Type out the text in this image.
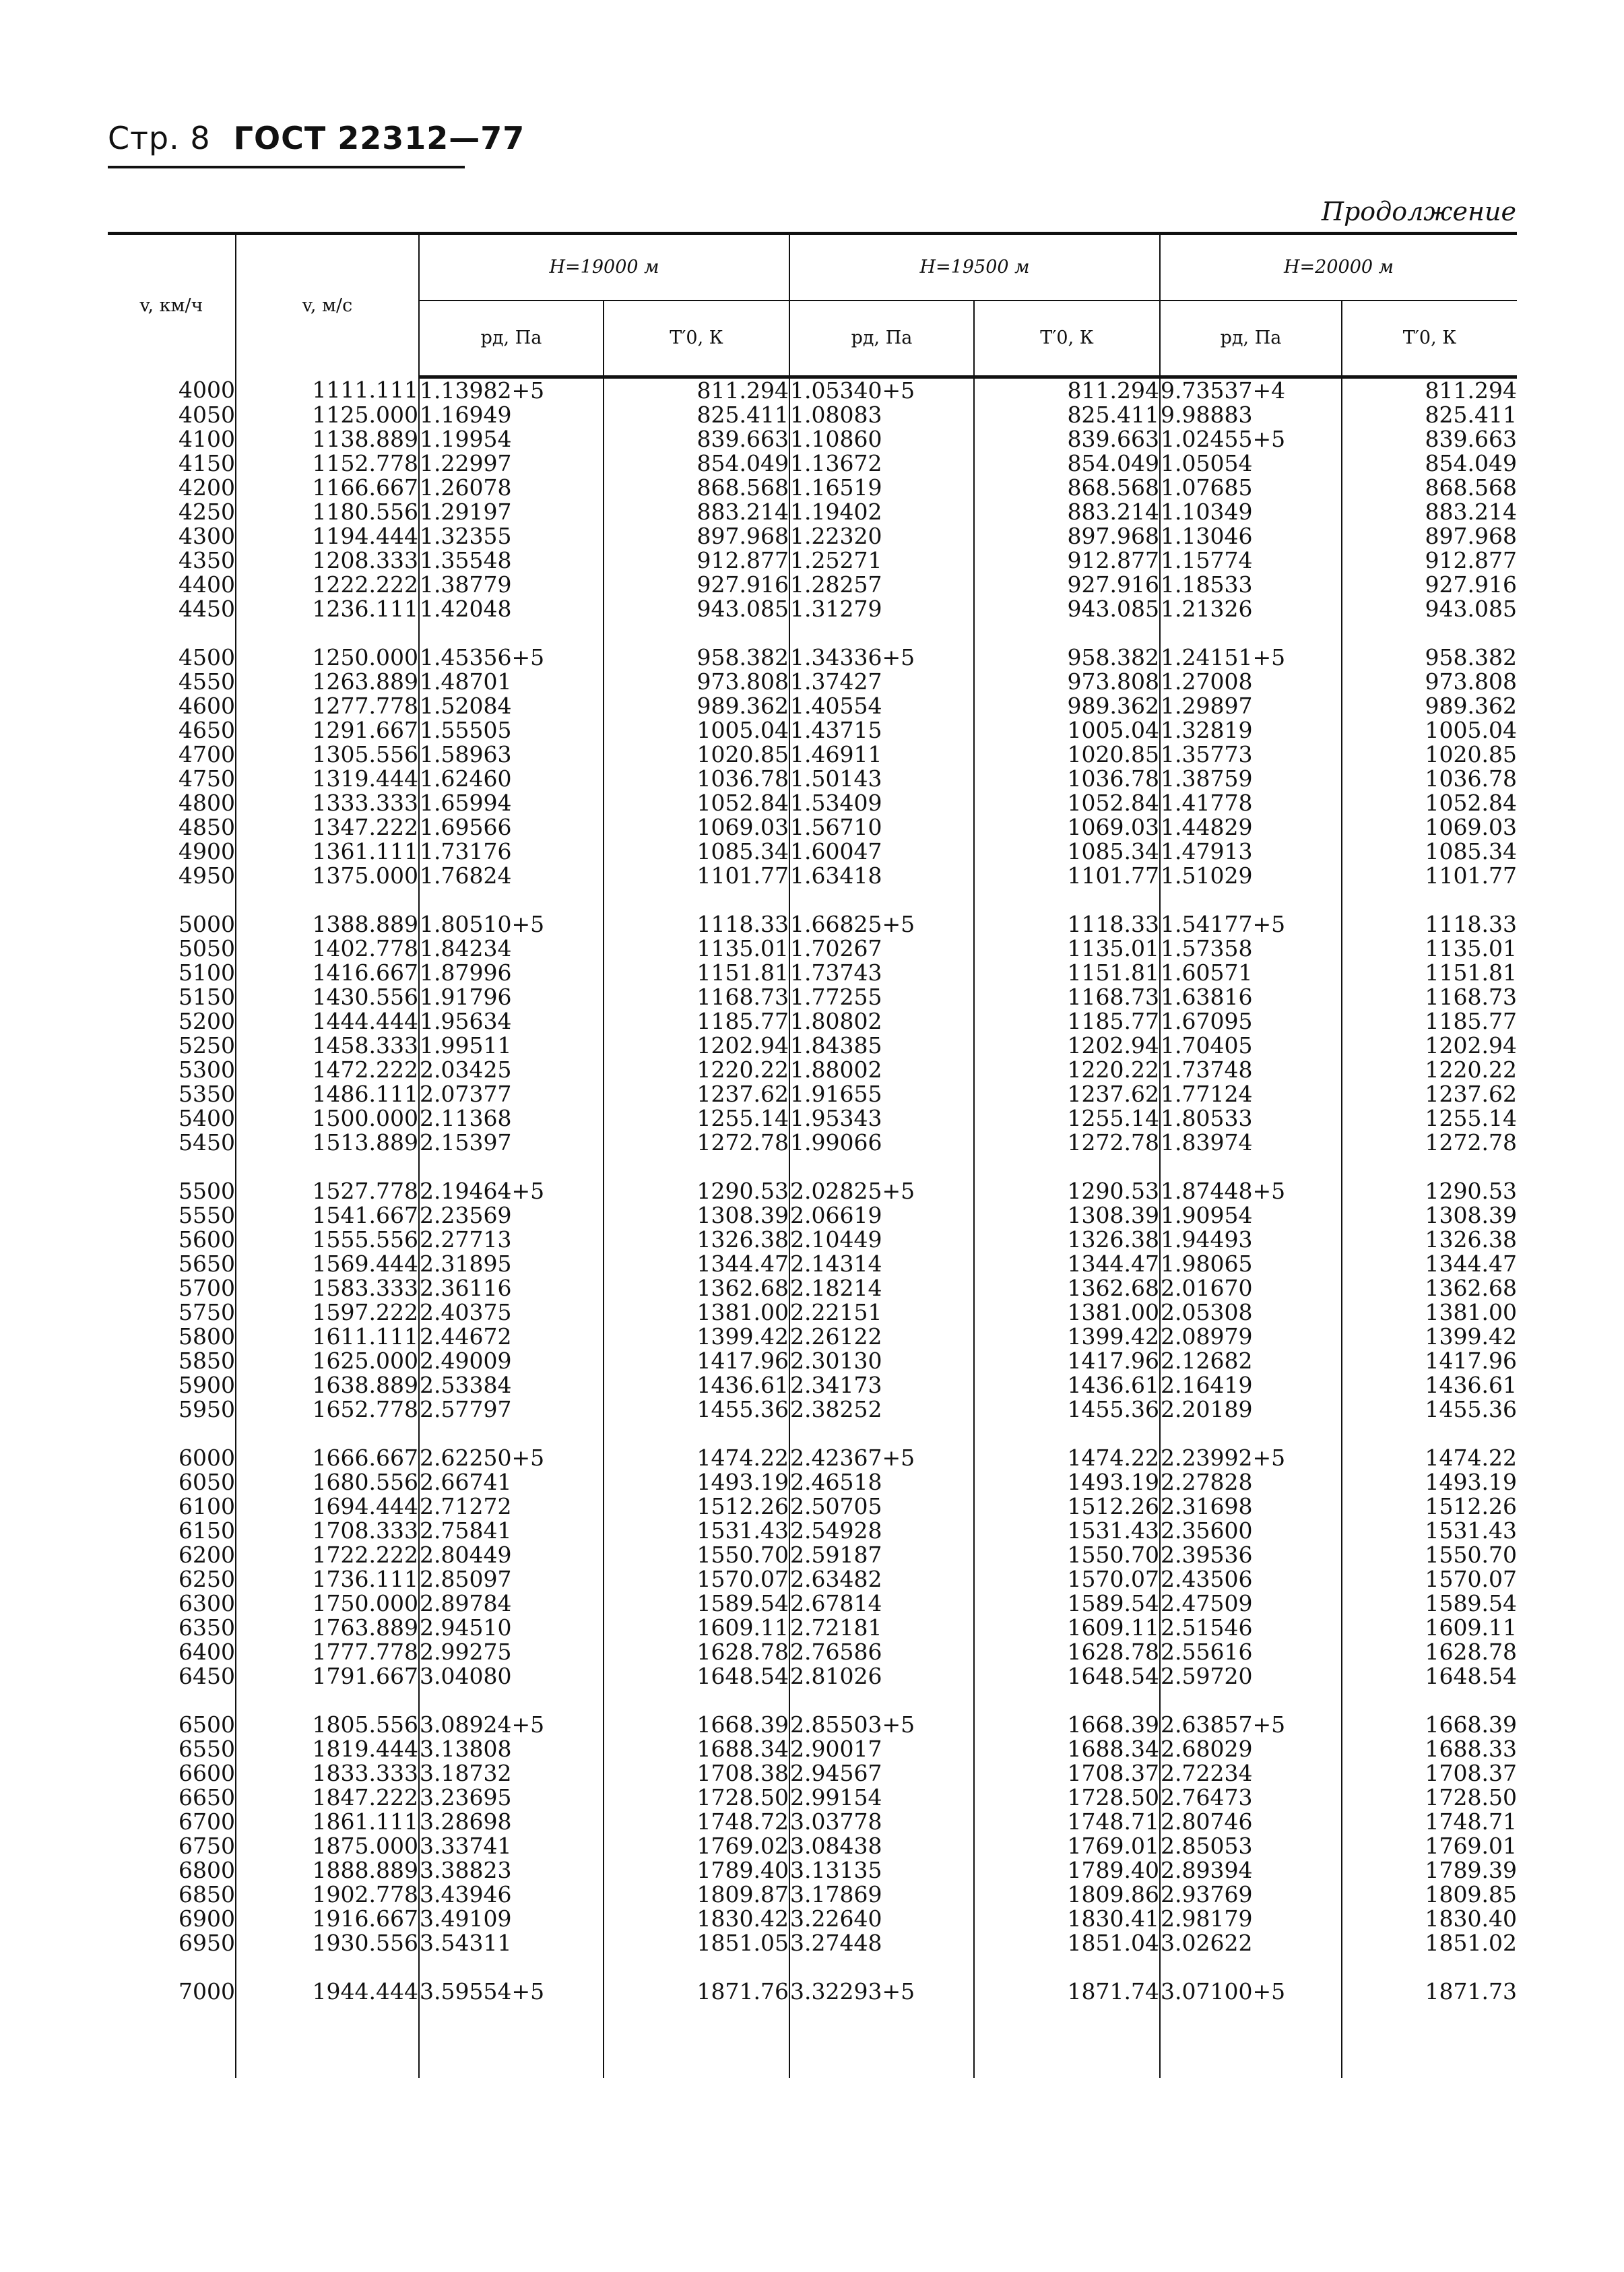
Стр. 8 ГОСТ 22312—77
Продолжение
v, км/ч	v, м/с	H=19000 м		H=19500 м		H=20000 м	
		pд, Па	T′0, К	pд, Па	T′0, К	pд, Па	T′0, К
4000	1111.111	1.13982+5	811.294	1.05340+5	811.294	9.73537+4	811.294
4050	1125.000	1.16949	825.411	1.08083	825.411	9.98883	825.411
4100	1138.889	1.19954	839.663	1.10860	839.663	1.02455+5	839.663
4150	1152.778	1.22997	854.049	1.13672	854.049	1.05054	854.049
4200	1166.667	1.26078	868.568	1.16519	868.568	1.07685	868.568
4250	1180.556	1.29197	883.214	1.19402	883.214	1.10349	883.214
4300	1194.444	1.32355	897.968	1.22320	897.968	1.13046	897.968
4350	1208.333	1.35548	912.877	1.25271	912.877	1.15774	912.877
4400	1222.222	1.38779	927.916	1.28257	927.916	1.18533	927.916
4450	1236.111	1.42048	943.085	1.31279	943.085	1.21326	943.085

4500	1250.000	1.45356+5	958.382	1.34336+5	958.382	1.24151+5	958.382
4550	1263.889	1.48701	973.808	1.37427	973.808	1.27008	973.808
4600	1277.778	1.52084	989.362	1.40554	989.362	1.29897	989.362
4650	1291.667	1.55505	1005.04	1.43715	1005.04	1.32819	1005.04
4700	1305.556	1.58963	1020.85	1.46911	1020.85	1.35773	1020.85
4750	1319.444	1.62460	1036.78	1.50143	1036.78	1.38759	1036.78
4800	1333.333	1.65994	1052.84	1.53409	1052.84	1.41778	1052.84
4850	1347.222	1.69566	1069.03	1.56710	1069.03	1.44829	1069.03
4900	1361.111	1.73176	1085.34	1.60047	1085.34	1.47913	1085.34
4950	1375.000	1.76824	1101.77	1.63418	1101.77	1.51029	1101.77

5000	1388.889	1.80510+5	1118.33	1.66825+5	1118.33	1.54177+5	1118.33
5050	1402.778	1.84234	1135.01	1.70267	1135.01	1.57358	1135.01
5100	1416.667	1.87996	1151.81	1.73743	1151.81	1.60571	1151.81
5150	1430.556	1.91796	1168.73	1.77255	1168.73	1.63816	1168.73
5200	1444.444	1.95634	1185.77	1.80802	1185.77	1.67095	1185.77
5250	1458.333	1.99511	1202.94	1.84385	1202.94	1.70405	1202.94
5300	1472.222	2.03425	1220.22	1.88002	1220.22	1.73748	1220.22
5350	1486.111	2.07377	1237.62	1.91655	1237.62	1.77124	1237.62
5400	1500.000	2.11368	1255.14	1.95343	1255.14	1.80533	1255.14
5450	1513.889	2.15397	1272.78	1.99066	1272.78	1.83974	1272.78

5500	1527.778	2.19464+5	1290.53	2.02825+5	1290.53	1.87448+5	1290.53
5550	1541.667	2.23569	1308.39	2.06619	1308.39	1.90954	1308.39
5600	1555.556	2.27713	1326.38	2.10449	1326.38	1.94493	1326.38
5650	1569.444	2.31895	1344.47	2.14314	1344.47	1.98065	1344.47
5700	1583.333	2.36116	1362.68	2.18214	1362.68	2.01670	1362.68
5750	1597.222	2.40375	1381.00	2.22151	1381.00	2.05308	1381.00
5800	1611.111	2.44672	1399.42	2.26122	1399.42	2.08979	1399.42
5850	1625.000	2.49009	1417.96	2.30130	1417.96	2.12682	1417.96
5900	1638.889	2.53384	1436.61	2.34173	1436.61	2.16419	1436.61
5950	1652.778	2.57797	1455.36	2.38252	1455.36	2.20189	1455.36

6000	1666.667	2.62250+5	1474.22	2.42367+5	1474.22	2.23992+5	1474.22
6050	1680.556	2.66741	1493.19	2.46518	1493.19	2.27828	1493.19
6100	1694.444	2.71272	1512.26	2.50705	1512.26	2.31698	1512.26
6150	1708.333	2.75841	1531.43	2.54928	1531.43	2.35600	1531.43
6200	1722.222	2.80449	1550.70	2.59187	1550.70	2.39536	1550.70
6250	1736.111	2.85097	1570.07	2.63482	1570.07	2.43506	1570.07
6300	1750.000	2.89784	1589.54	2.67814	1589.54	2.47509	1589.54
6350	1763.889	2.94510	1609.11	2.72181	1609.11	2.51546	1609.11
6400	1777.778	2.99275	1628.78	2.76586	1628.78	2.55616	1628.78
6450	1791.667	3.04080	1648.54	2.81026	1648.54	2.59720	1648.54

6500	1805.556	3.08924+5	1668.39	2.85503+5	1668.39	2.63857+5	1668.39
6550	1819.444	3.13808	1688.34	2.90017	1688.34	2.68029	1688.33
6600	1833.333	3.18732	1708.38	2.94567	1708.37	2.72234	1708.37
6650	1847.222	3.23695	1728.50	2.99154	1728.50	2.76473	1728.50
6700	1861.111	3.28698	1748.72	3.03778	1748.71	2.80746	1748.71
6750	1875.000	3.33741	1769.02	3.08438	1769.01	2.85053	1769.01
6800	1888.889	3.38823	1789.40	3.13135	1789.40	2.89394	1789.39
6850	1902.778	3.43946	1809.87	3.17869	1809.86	2.93769	1809.85
6900	1916.667	3.49109	1830.42	3.22640	1830.41	2.98179	1830.40
6950	1930.556	3.54311	1851.05	3.27448	1851.04	3.02622	1851.02

7000	1944.444	3.59554+5	1871.76	3.32293+5	1871.74	3.07100+5	1871.73
